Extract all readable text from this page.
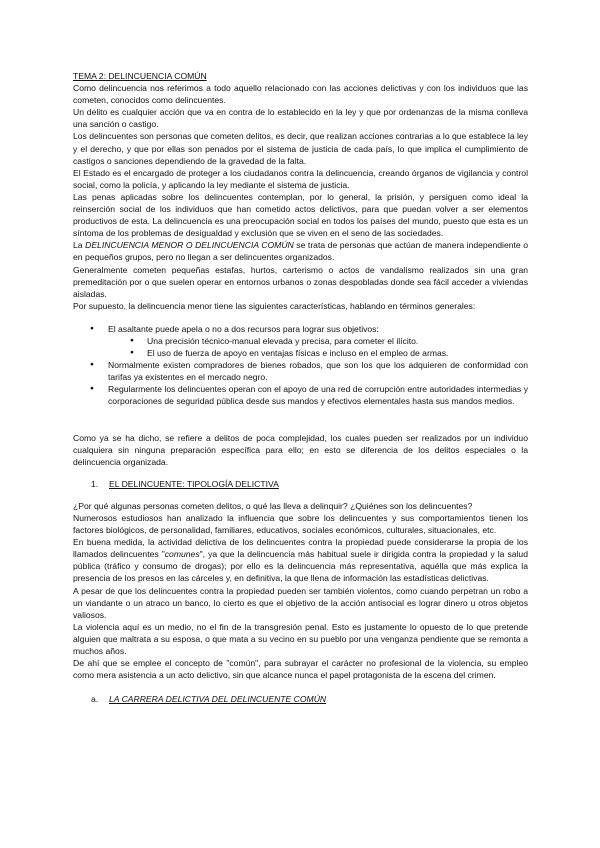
TEMA 2: DELINCUENCIA COMÚN

Como delincuencia nos referimos a todo aquello relacionado con las acciones delictivas y con los individuos que las cometen, conocidos como delincuentes.

Un delito es cualquier acción que va en contra de lo establecido en la ley y que por ordenanzas de la misma conlleva una sanción o castigo.

Los delincuentes son personas que cometen delitos, es decir, que realizan acciones contrarias a lo que establece la ley y el derecho, y que por ellas son penados por el sistema de justicia de cada país, lo que implica el cumplimiento de castigos o sanciones dependiendo de la gravedad de la falta.

El Estado es el encargado de proteger a los ciudadanos contra la delincuencia, creando órganos de vigilancia y control social, como la policía, y aplicando la ley mediante el sistema de justicia.

Las penas aplicadas sobre los delincuentes contemplan, por lo general, la prisión, y persiguen como ideal la reinserción social de los individuos que han cometido actos delictivos, para que puedan volver a ser elementos productivos de esta. La delincuencia es una preocupación social en todos los países del mundo, puesto que esta es un síntoma de los problemas de desigualdad y exclusión que se viven en el seno de las sociedades.

La DELINCUENCIA MENOR O DELINCUENCIA COMÚN se trata de personas que actúan de manera independiente o en pequeños grupos, pero no llegan a ser delincuentes organizados.

Generalmente cometen pequeñas estafas, hurtos, carterismo o actos de vandalismo realizados sin una gran premeditación por o que suelen operar en entornos urbanos o zonas despobladas donde sea fácil acceder a viviendas aisladas.

Por supuesto, la delincuencia menor tiene las siguientes características, hablando en términos generales:

● El asaltante puede apela o no a dos recursos para lograr sus objetivos:
● Una precisión técnico-manual elevada y precisa, para cometer el ilícito.
● El uso de fuerza de apoyo en ventajas físicas e incluso en el empleo de armas.
● Normalmente existen compradores de bienes robados, que son los que los adquieren de conformidad con tarifas ya existentes en el mercado negro.
● Regularmente los delincuentes operan con el apoyo de una red de corrupción entre autoridades intermedias y corporaciones de seguridad pública desde sus mandos y efectivos elementales hasta sus mandos medios.

Como ya se ha dicho, se refiere a delitos de poca complejidad, los cuales pueden ser realizados por un individuo cualquiera sin ninguna preparación específica para ello; en esto se diferencia de los delitos especiales o la delincuencia organizada.

1. EL DELINCUENTE: TIPOLOGÍA DELICTIVA

¿Por qué algunas personas cometen delitos, o qué las lleva a delinquir? ¿Quiénes son los delincuentes?

Numerosos estudiosos han analizado la influencia que sobre los delincuentes y sus comportamientos tienen los factores biológicos, de personalidad, familiares, educativos, sociales económicos, culturales, situacionales, etc.

En buena medida, la actividad delictiva de los delincuentes contra la propiedad puede considerarse la propia de los llamados delincuentes "comunes", ya que la delincuencia más habitual suele ir dirigida contra la propiedad y la salud pública (tráfico y consumo de drogas); por ello es la delincuencia más representativa, aquélla que más explica la presencia de los presos en las cárceles y, en definitiva, la que llena de información las estadísticas delictivas.

A pesar de que los delincuentes contra la propiedad pueden ser también violentos, como cuando perpetran un robo a un viandante o un atraco un banco, lo cierto es que el objetivo de la acción antisocial es lograr dinero u otros objetos valiosos.

La violencia aquí es un medio, no el fin de la transgresión penal. Esto es justamente lo opuesto de lo que pretende alguien que maltrata a su esposa, o que mata a su vecino en su pueblo por una venganza pendiente que se remonta a muchos años.

De ahí que se emplee el concepto de "común", para subrayar el carácter no profesional de la violencia, su empleo como mera asistencia a un acto delictivo, sin que alcance nunca el papel protagonista de la escena del crimen.

a. LA CARRERA DELICTIVA DEL DELINCUENTE COMÚN
